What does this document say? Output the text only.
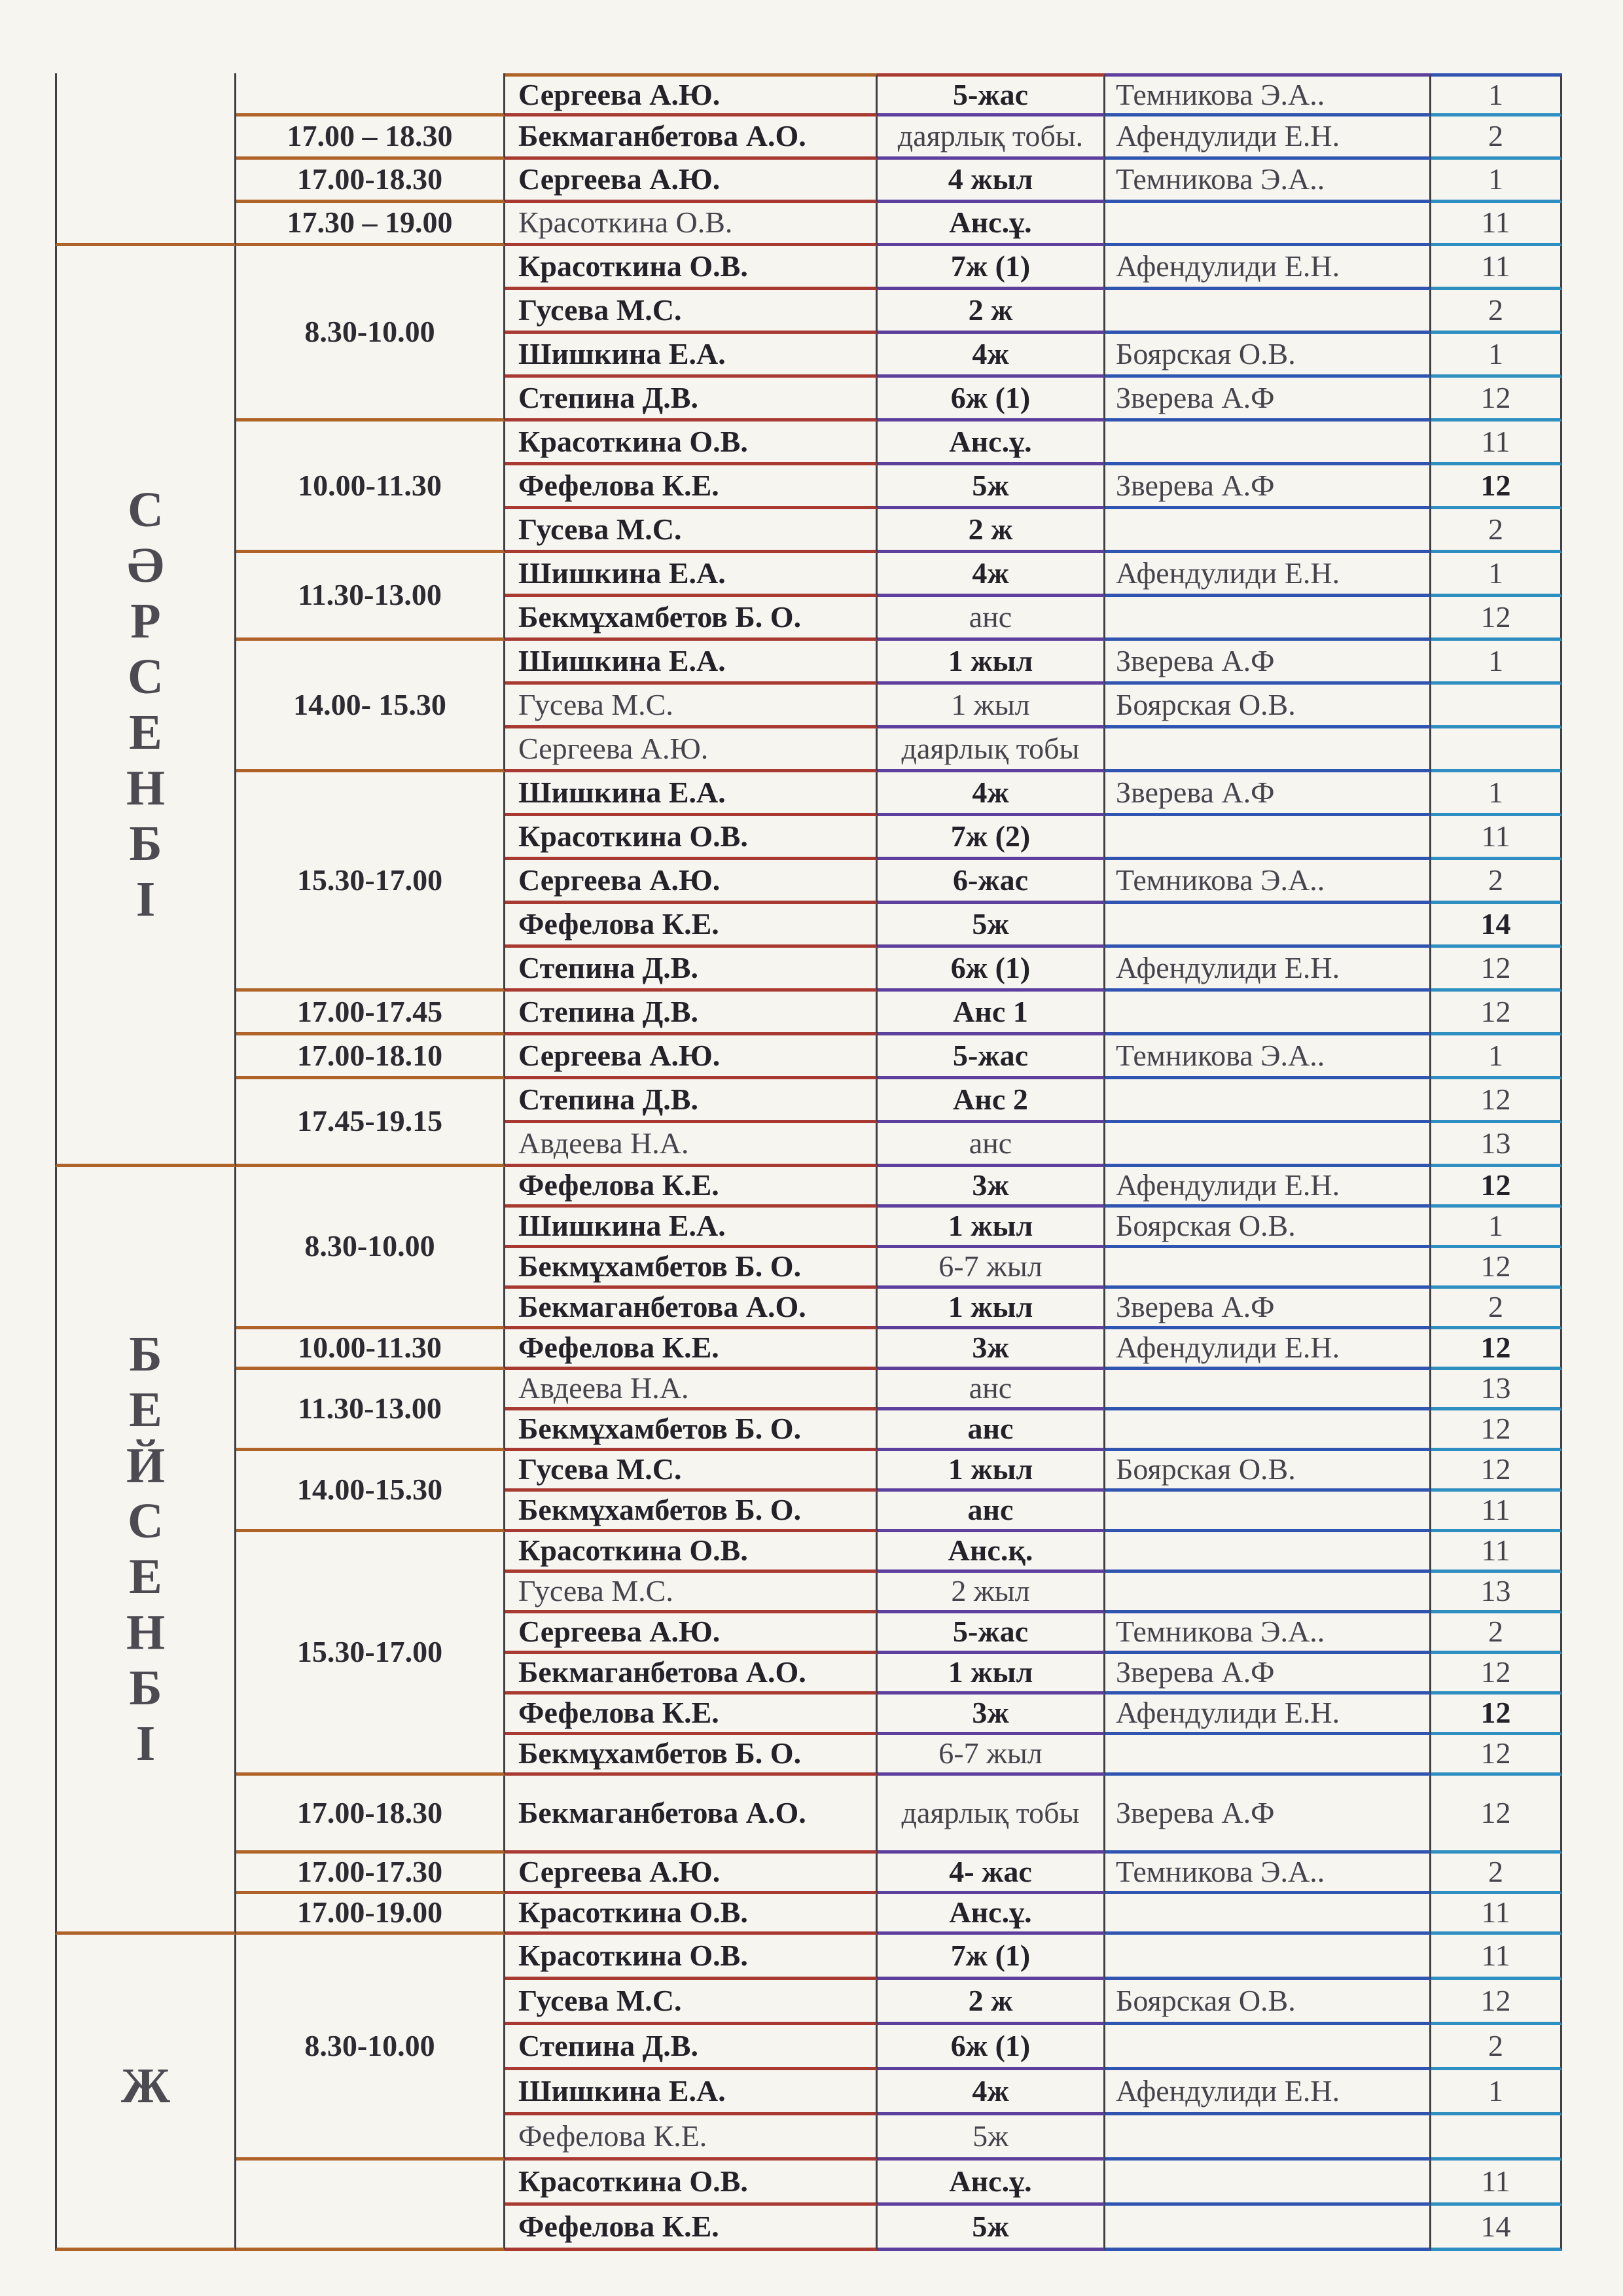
		Сергеева А.Ю.	5-жас	Темникова Э.А..	1
	17.00 – 18.30	Бекмаганбетова А.О.	даярлық тобы.	Афендулиди Е.Н.	2
	17.00-18.30	Сергеева А.Ю.	4 жыл	Темникова Э.А..	1
	17.30 – 19.00	Красоткина О.В.	Анс.ұ.		11

С
Ә
Р
С
Е
Н
Б
І
	8.30-10.00	Красоткина О.В.	7ж (1)	Афендулиди Е.Н.	11
		Гусева М.С.	2 ж		2
		Шишкина Е.А.	4ж	Боярская О.В.	1
		Степина Д.В.	6ж (1)	Зверева А.Ф	12
	10.00-11.30	Красоткина О.В.	Анс.ұ.		11
		Фефелова К.Е.	5ж	Зверева А.Ф	12
		Гусева М.С.	2 ж		2
	11.30-13.00	Шишкина Е.А.	4ж	Афендулиди Е.Н.	1
		Бекмұхамбетов Б. О.	анс		12
	14.00- 15.30	Шишкина Е.А.	1 жыл	Зверева А.Ф	1
		Гусева М.С.	1 жыл	Боярская О.В.	
		Сергеева А.Ю.	даярлық тобы		
	15.30-17.00	Шишкина Е.А.	4ж	Зверева А.Ф	1
		Красоткина О.В.	7ж (2)		11
		Сергеева А.Ю.	6-жас	Темникова Э.А..	2
		Фефелова К.Е.	5ж		14
		Степина Д.В.	6ж (1)	Афендулиди Е.Н.	12
	17.00-17.45	Степина Д.В.	Анс 1		12
	17.00-18.10	Сергеева А.Ю.	5-жас	Темникова Э.А..	1
	17.45-19.15	Степина Д.В.	Анс 2		12
		Авдеева Н.А.	анс		13

Б
Е
Й
С
Е
Н
Б
І
	8.30-10.00	Фефелова К.Е.	3ж	Афендулиди Е.Н.	12
		Шишкина Е.А.	1 жыл	Боярская О.В.	1
		Бекмұхамбетов Б. О.	6-7 жыл		12
		Бекмаганбетова А.О.	1 жыл	Зверева А.Ф	2
	10.00-11.30	Фефелова К.Е.	3ж	Афендулиди Е.Н.	12
	11.30-13.00	Авдеева Н.А.	анс		13
		Бекмұхамбетов Б. О.	анс		12
	14.00-15.30	Гусева М.С.	1 жыл	Боярская О.В.	12
		Бекмұхамбетов Б. О.	анс		11
	15.30-17.00	Красоткина О.В.	Анс.қ.		11
		Гусева М.С.	2 жыл		13
		Сергеева А.Ю.	5-жас	Темникова Э.А..	2
		Бекмаганбетова А.О.	1 жыл	Зверева А.Ф	12
		Фефелова К.Е.	3ж	Афендулиди Е.Н.	12
		Бекмұхамбетов Б. О.	6-7 жыл		12
	17.00-18.30	Бекмаганбетова А.О.	даярлық тобы	Зверева А.Ф	12
	17.00-17.30	Сергеева А.Ю.	4- жас	Темникова Э.А..	2
	17.00-19.00	Красоткина О.В.	Анс.ұ.		11

Ж	8.30-10.00	Красоткина О.В.	7ж (1)		11
		Гусева М.С.	2 ж	Боярская О.В.	12
		Степина Д.В.	6ж (1)		2
		Шишкина Е.А.	4ж	Афендулиди Е.Н.	1
		Фефелова К.Е.	5ж		
		Красоткина О.В.	Анс.ұ.		11
		Фефелова К.Е.	5ж		14
